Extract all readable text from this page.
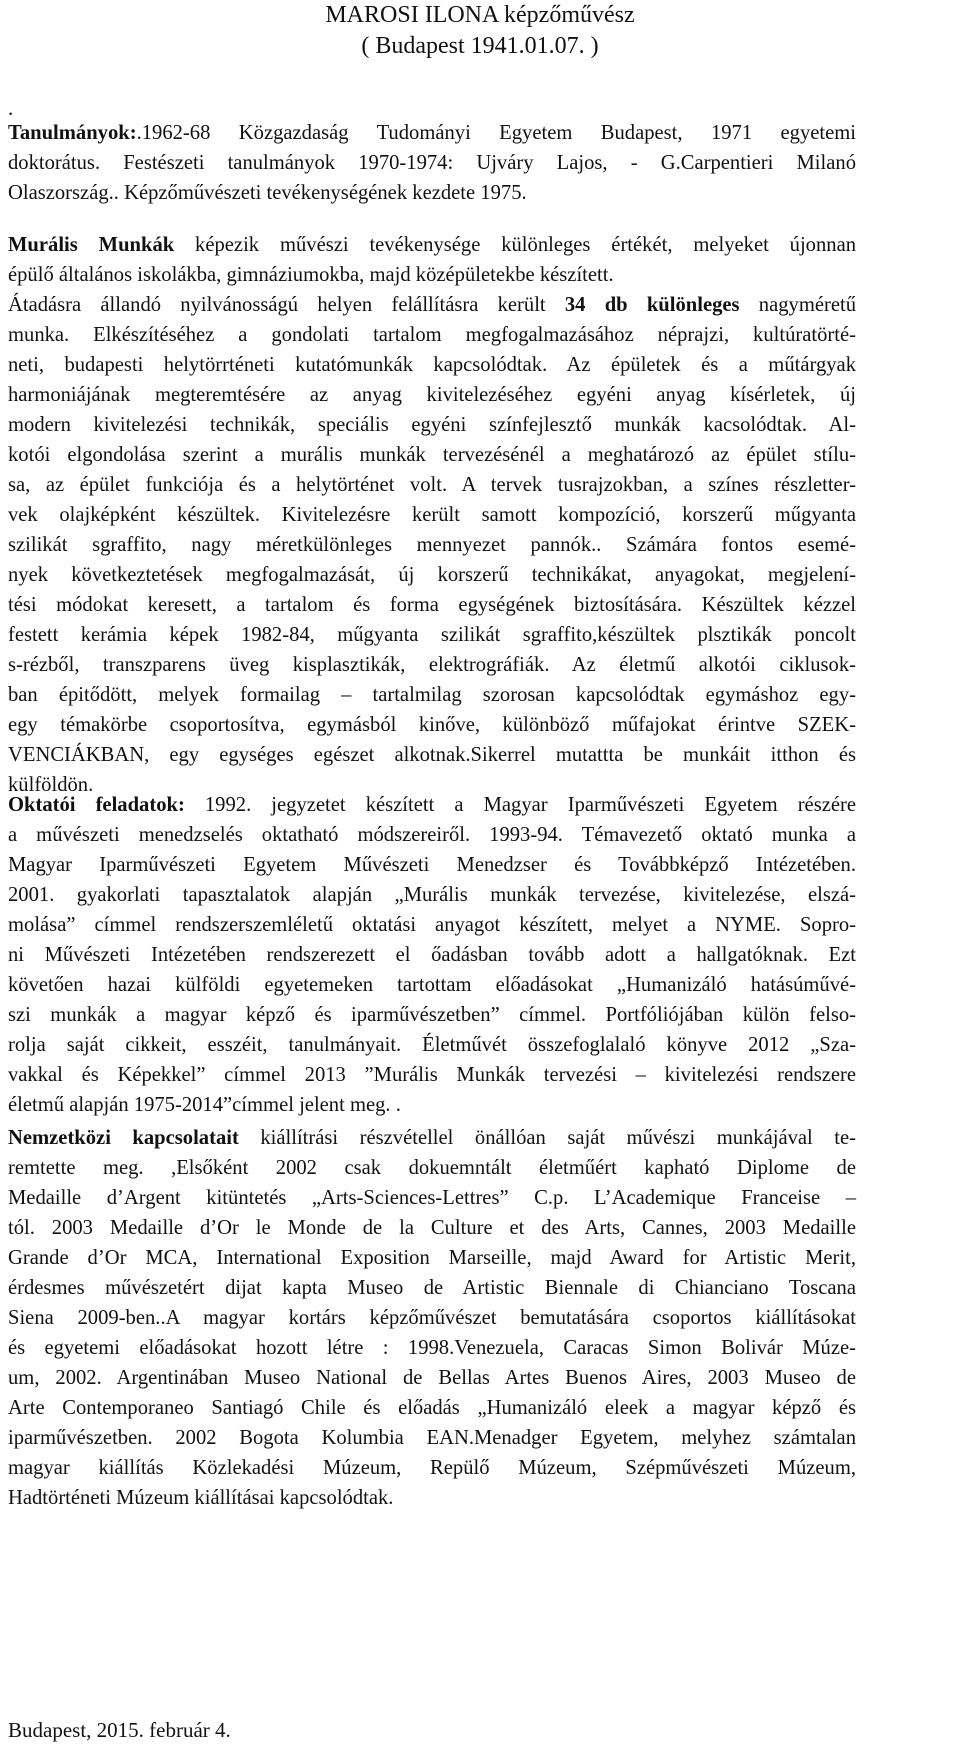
MAROSI ILONA képzőművész
( Budapest 1941.01.07. )
.
Tanulmányok:.1962-68 Közgazdaság Tudományi Egyetem Budapest, 1971 egyetemi
doktorátus. Festészeti tanulmányok 1970-1974: Ujváry Lajos, - G.Carpentieri Milanó
Olaszország.. Képzőművészeti tevékenységének kezdete 1975.
Murális Munkák képezik művészi tevékenysége különleges értékét, melyeket újonnan
épülő általános iskolákba, gimnáziumokba, majd középületekbe készített.
Átadásra állandó nyilvánosságú helyen felállításra került 34 db különleges nagyméretű
munka. Elkészítéséhez a gondolati tartalom megfogalmazásához néprajzi, kultúratörté-
neti, budapesti helytörrténeti kutatómunkák kapcsolódtak. Az épületek és a műtárgyak
harmoniájának megteremtésére az anyag kivitelezéséhez egyéni anyag kísérletek, új
modern kivitelezési technikák, speciális egyéni színfejlesztő munkák kacsolódtak. Al-
kotói elgondolása szerint a murális munkák tervezésénél a meghatározó az épület stílu-
sa, az épület funkciója és a helytörténet volt. A tervek tusrajzokban, a színes részletter-
vek olajképként készültek. Kivitelezésre került samott kompozíció, korszerű műgyanta
szilikát sgraffito, nagy méretkülönleges mennyezet pannók.. Számára fontos esemé-
nyek következtetések megfogalmazását, új korszerű technikákat, anyagokat, megjelení-
tési módokat keresett, a tartalom és forma egységének biztosítására. Készültek kézzel
festett kerámia képek 1982-84, műgyanta szilikát sgraffito,készültek plsztikák poncolt
s-rézből, transzparens üveg kisplasztikák, elektrográfiák. Az életmű alkotói ciklusok-
ban épitődött, melyek formailag – tartalmilag szorosan kapcsolódtak egymáshoz egy-
egy témakörbe csoportosítva, egymásból kinőve, különböző műfajokat érintve SZEK-
VENCIÁKBAN, egy egységes egészet alkotnak.Sikerrel mutattta be munkáit itthon és
külföldön.
Oktatói feladatok: 1992. jegyzetet készített a Magyar Iparművészeti Egyetem részére
a művészeti menedzselés oktatható módszereiről. 1993-94. Témavezető oktató munka a
Magyar Iparművészeti Egyetem Művészeti Menedzser és Továbbképző Intézetében.
2001. gyakorlati tapasztalatok alapján „Murális munkák tervezése, kivitelezése, elszá-
molása” címmel rendszerszemléletű oktatási anyagot készített, melyet a NYME. Sopro-
ni Művészeti Intézetében rendszerezett el őadásban tovább adott a hallgatóknak. Ezt
követően hazai külföldi egyetemeken tartottam előadásokat „Humanizáló hatásúművé-
szi munkák a magyar képző és iparművészetben” címmel. Portfóliójában külön felso-
rolja saját cikkeit, esszéit, tanulmányait. Életművét összefoglalaló könyve 2012 „Sza-
vakkal és Képekkel” címmel 2013 ”Murális Munkák tervezési – kivitelezési rendszere
életmű alapján 1975-2014”címmel jelent meg. .
Nemzetközi kapcsolatait kiállítrási részvétellel önállóan saját művészi munkájával te-
remtette meg. ,Elsőként 2002 csak dokuemntált életműért kapható Diplome de
Medaille d’Argent kitüntetés „Arts-Sciences-Lettres” C.p. L’Academique Franceise –
tól. 2003 Medaille d’Or le Monde de la Culture et des Arts, Cannes, 2003 Medaille
Grande d’Or MCA, International Exposition Marseille, majd Award for Artistic Merit,
érdesmes művészetért dijat kapta Museo de Artistic Biennale di Chianciano Toscana
Siena 2009-ben..A magyar kortárs képzőművészet bemutatására csoportos kiállításokat
és egyetemi előadásokat hozott létre : 1998.Venezuela, Caracas Simon Bolivár Múze-
um, 2002. Argentinában Museo National de Bellas Artes Buenos Aires, 2003 Museo de
Arte Contemporaneo Santiagó Chile és előadás „Humanizáló eleek a magyar képző és
iparművészetben. 2002 Bogota Kolumbia EAN.Menadger Egyetem, melyhez számtalan
magyar kiállítás Közlekadési Múzeum, Repülő Múzeum, Szépművészeti Múzeum,
Hadtörténeti Múzeum kiállításai kapcsolódtak.

Budapest, 2015. február 4.
